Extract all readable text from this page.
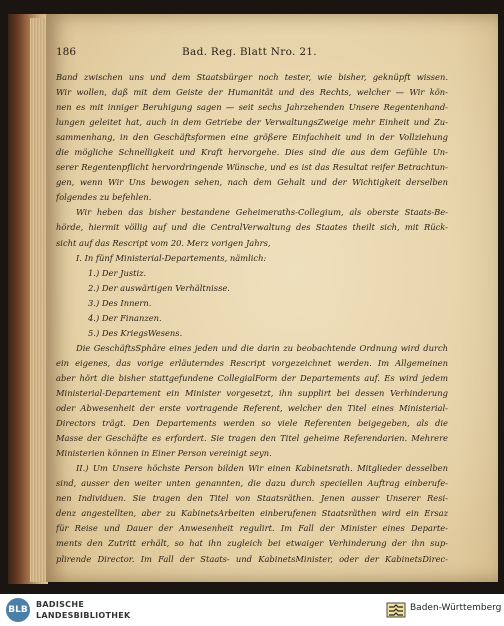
186	Bad. Reg. Blatt Nro. 21.
Band zwischen uns und dem Staatsbürger noch tester, wie bisher, geknüpft wissen.
Wir wollen, daß mit dem Geiste der Humanität und des Rechts, welcher — Wir kön-
nen es mit inniger Beruhigung sagen — seit sechs Jahrzehenden Unsere Regentenhand-
lungen geleitet hat, auch in dem Getriebe der VerwaltungsZweige mehr Einheit und Zu-
sammenhang, in den Geschäftsformen eine größere Einfachheit und in der Vollziehung
die mögliche Schnelligkeit und Kraft hervorgehe. Dies sind die aus dem Gefühle Un-
serer Regentenpflicht hervordringende Wünsche, und es ist das Resultat reifer Betrachtun-
gen, wenn Wir Uns bewogen sehen, nach dem Gehalt und der Wichtigkeit derselben
folgendes zu befehlen.
Wir heben das bisher bestandene Geheimeraths-Collegium, als oberste Staats-Be-
hörde, hiermit völlig auf und die CentralVerwaltung des Staates theilt sich, mit Rück-
sicht auf das Rescript vom 20. Merz vorigen Jahrs,
I. In fünf Ministerial-Departements, nämlich:
1.) Der Justiz.
2.) Der auswärtigen Verhältnisse.
3.) Des Innern.
4.) Der Finanzen.
5.) Des KriegsWesens.
Die GeschäftsSphäre eines jeden und die darin zu beobachtende Ordnung wird durch
ein eigenes, das vorige erläuterndes Rescript vorgezeichnet werden. Im Allgemeinen
aber hört die bisher stattgefundene CollegialForm der Departements auf. Es wird jedem
Ministerial-Departement ein Minister vorgesetzt, ihn supplirt bei dessen Verhinderung
oder Abwesenheit der erste vortragende Referent, welcher den Titel eines Ministerial-
Directors trägt. Den Departements werden so viele Referenten beigegeben, als die
Masse der Geschäfte es erfordert. Sie tragen den Titel geheime Referendarien. Mehrere
Ministerien können in Einer Person vereinigt seyn.
II.) Um Unsere höchste Person bilden Wir einen Kabinetsrath. Mitglieder desselben
sind, ausser den weiter unten genannten, die dazu durch speciellen Auftrag einberufe-
nen Individuen. Sie tragen den Titel von Staatsräthen. Jenen ausser Unserer Resi-
denz angestellten, aber zu KabinetsArbeiten einberufenen Staatsräthen wird ein Ersaz
für Reise und Dauer der Anwesenheit regulirt. Im Fall der Minister eines Departe-
ments den Zutritt erhält, so hat ihn zugleich bei etwaiger Verhinderung der ihn sup-
plirende Director. Im Fall der Staats- und KabinetsMinister, oder der KabinetsDirec-
BLB
BADISCHE
LANDESBIBLIOTHEK
Baden-Württemberg
